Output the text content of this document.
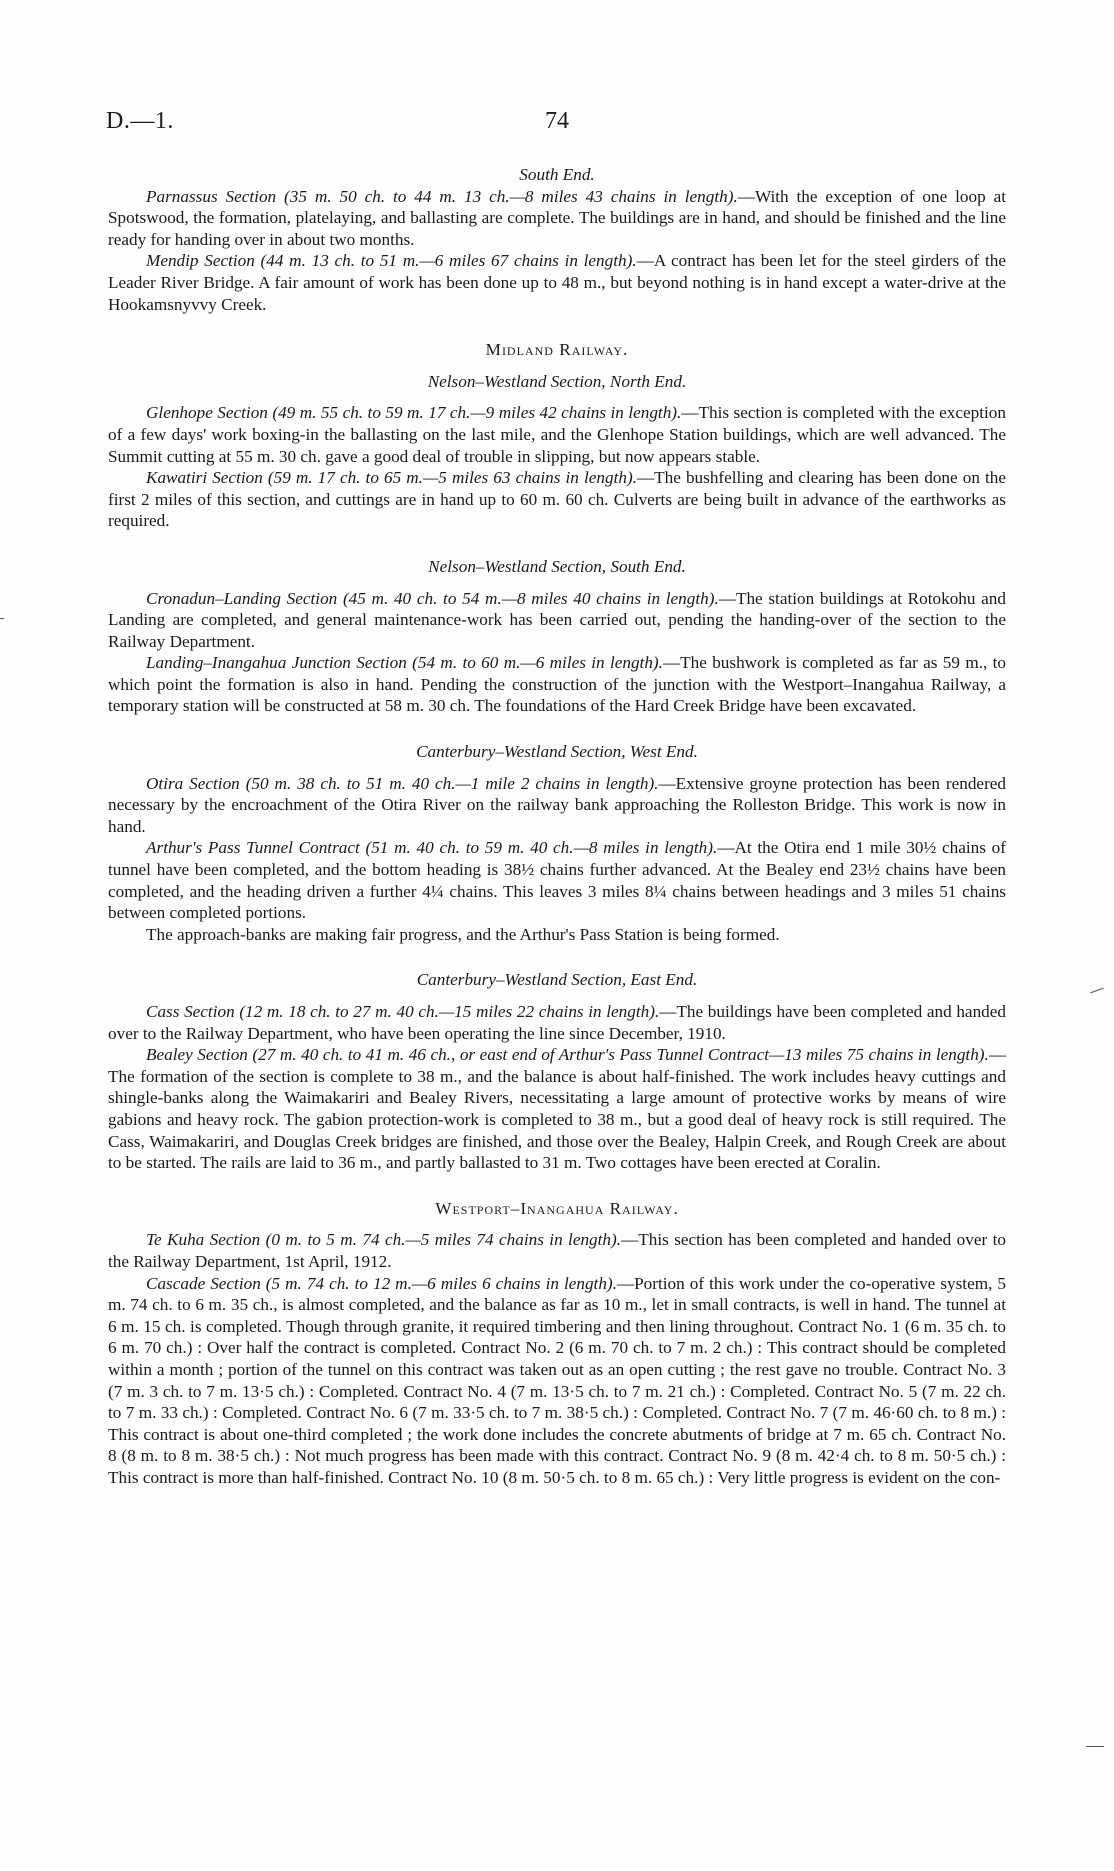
D.—1.	74
South End.

Parnassus Section (35 m. 50 ch. to 44 m. 13 ch.—8 miles 43 chains in length).—With the exception of one loop at Spotswood, the formation, platelaying, and ballasting are complete. The buildings are in hand, and should be finished and the line ready for handing over in about two months.

Mendip Section (44 m. 13 ch. to 51 m.—6 miles 67 chains in length).—A contract has been let for the steel girders of the Leader River Bridge. A fair amount of work has been done up to 48 m., but beyond nothing is in hand except a water-drive at the Hookamsnyvvy Creek.

Midland Railway.
Nelson–Westland Section, North End.

Glenhope Section (49 m. 55 ch. to 59 m. 17 ch.—9 miles 42 chains in length).—This section is completed with the exception of a few days' work boxing-in the ballasting on the last mile, and the Glenhope Station buildings, which are well advanced. The Summit cutting at 55 m. 30 ch. gave a good deal of trouble in slipping, but now appears stable.

Kawatiri Section (59 m. 17 ch. to 65 m.—5 miles 63 chains in length).—The bushfelling and clearing has been done on the first 2 miles of this section, and cuttings are in hand up to 60 m. 60 ch. Culverts are being built in advance of the earthworks as required.

Nelson–Westland Section, South End.

Cronadun–Landing Section (45 m. 40 ch. to 54 m.—8 miles 40 chains in length).—The station buildings at Rotokohu and Landing are completed, and general maintenance-work has been carried out, pending the handing-over of the section to the Railway Department.

Landing–Inangahua Junction Section (54 m. to 60 m.—6 miles in length).—The bushwork is completed as far as 59 m., to which point the formation is also in hand. Pending the construction of the junction with the Westport–Inangahua Railway, a temporary station will be constructed at 58 m. 30 ch. The foundations of the Hard Creek Bridge have been excavated.

Canterbury–Westland Section, West End.

Otira Section (50 m. 38 ch. to 51 m. 40 ch.—1 mile 2 chains in length).—Extensive groyne protection has been rendered necessary by the encroachment of the Otira River on the railway bank approaching the Rolleston Bridge. This work is now in hand.

Arthur's Pass Tunnel Contract (51 m. 40 ch. to 59 m. 40 ch.—8 miles in length).—At the Otira end 1 mile 30½ chains of tunnel have been completed, and the bottom heading is 38½ chains further advanced. At the Bealey end 23½ chains have been completed, and the heading driven a further 4¼ chains. This leaves 3 miles 8¼ chains between headings and 3 miles 51 chains between completed portions.

The approach-banks are making fair progress, and the Arthur's Pass Station is being formed.

Canterbury–Westland Section, East End.

Cass Section (12 m. 18 ch. to 27 m. 40 ch.—15 miles 22 chains in length).—The buildings have been completed and handed over to the Railway Department, who have been operating the line since December, 1910.

Bealey Section (27 m. 40 ch. to 41 m. 46 ch., or east end of Arthur's Pass Tunnel Contract—13 miles 75 chains in length).—The formation of the section is complete to 38 m., and the balance is about half-finished. The work includes heavy cuttings and shingle-banks along the Waimakariri and Bealey Rivers, necessitating a large amount of protective works by means of wire gabions and heavy rock. The gabion protection-work is completed to 38 m., but a good deal of heavy rock is still required. The Cass, Waimakariri, and Douglas Creek bridges are finished, and those over the Bealey, Halpin Creek, and Rough Creek are about to be started. The rails are laid to 36 m., and partly ballasted to 31 m. Two cottages have been erected at Coralin.

Westport–Inangahua Railway.

Te Kuha Section (0 m. to 5 m. 74 ch.—5 miles 74 chains in length).—This section has been completed and handed over to the Railway Department, 1st April, 1912.

Cascade Section (5 m. 74 ch. to 12 m.—6 miles 6 chains in length).—Portion of this work under the co-operative system, 5 m. 74 ch. to 6 m. 35 ch., is almost completed, and the balance as far as 10 m., let in small contracts, is well in hand. The tunnel at 6 m. 15 ch. is completed. Though through granite, it required timbering and then lining throughout. Contract No. 1 (6 m. 35 ch. to 6 m. 70 ch.) : Over half the contract is completed. Contract No. 2 (6 m. 70 ch. to 7 m. 2 ch.) : This contract should be completed within a month ; portion of the tunnel on this contract was taken out as an open cutting ; the rest gave no trouble. Contract No. 3 (7 m. 3 ch. to 7 m. 13·5 ch.) : Completed. Contract No. 4 (7 m. 13·5 ch. to 7 m. 21 ch.) : Completed. Contract No. 5 (7 m. 22 ch. to 7 m. 33 ch.) : Completed. Contract No. 6 (7 m. 33·5 ch. to 7 m. 38·5 ch.) : Completed. Contract No. 7 (7 m. 46·60 ch. to 8 m.) : This contract is about one-third completed ; the work done includes the concrete abutments of bridge at 7 m. 65 ch. Contract No. 8 (8 m. to 8 m. 38·5 ch.) : Not much progress has been made with this contract. Contract No. 9 (8 m. 42·4 ch. to 8 m. 50·5 ch.) : This contract is more than half-finished. Contract No. 10 (8 m. 50·5 ch. to 8 m. 65 ch.) : Very little progress is evident on the con-
